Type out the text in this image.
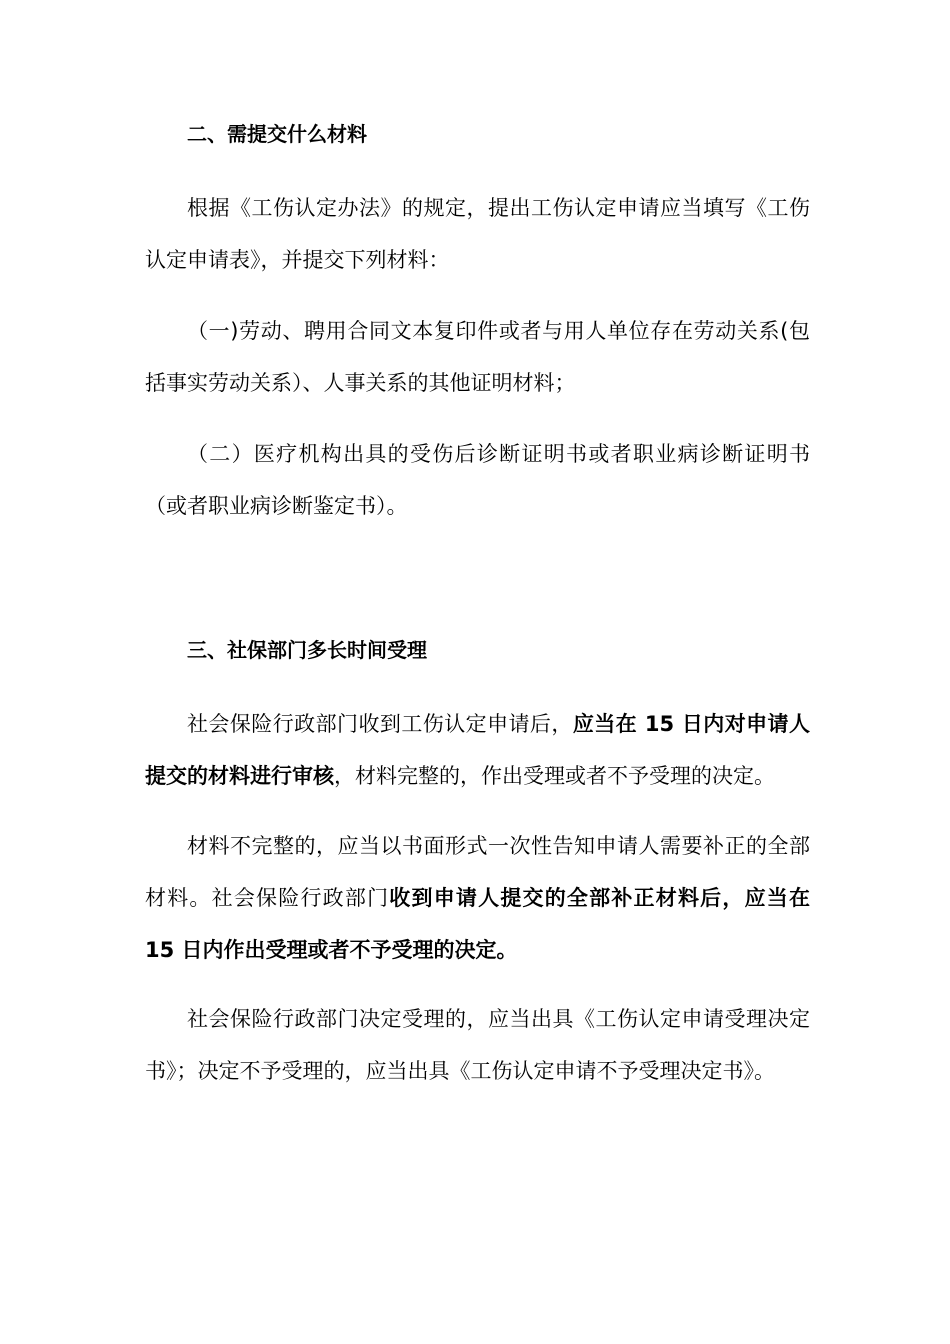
二、需提交什么材料

根据《工伤认定办法》的规定，提出工伤认定申请应当填写《工伤认定申请表》，并提交下列材料：

（一)劳动、聘用合同文本复印件或者与用人单位存在劳动关系(包括事实劳动关系）、人事关系的其他证明材料；

（二）医疗机构出具的受伤后诊断证明书或者职业病诊断证明书（或者职业病诊断鉴定书）。

三、社保部门多长时间受理

社会保险行政部门收到工伤认定申请后，应当在 15 日内对申请人提交的材料进行审核，材料完整的，作出受理或者不予受理的决定。

材料不完整的，应当以书面形式一次性告知申请人需要补正的全部材料。社会保险行政部门收到申请人提交的全部补正材料后，应当在 15 日内作出受理或者不予受理的决定。

社会保险行政部门决定受理的，应当出具《工伤认定申请受理决定书》；决定不予受理的，应当出具《工伤认定申请不予受理决定书》。
